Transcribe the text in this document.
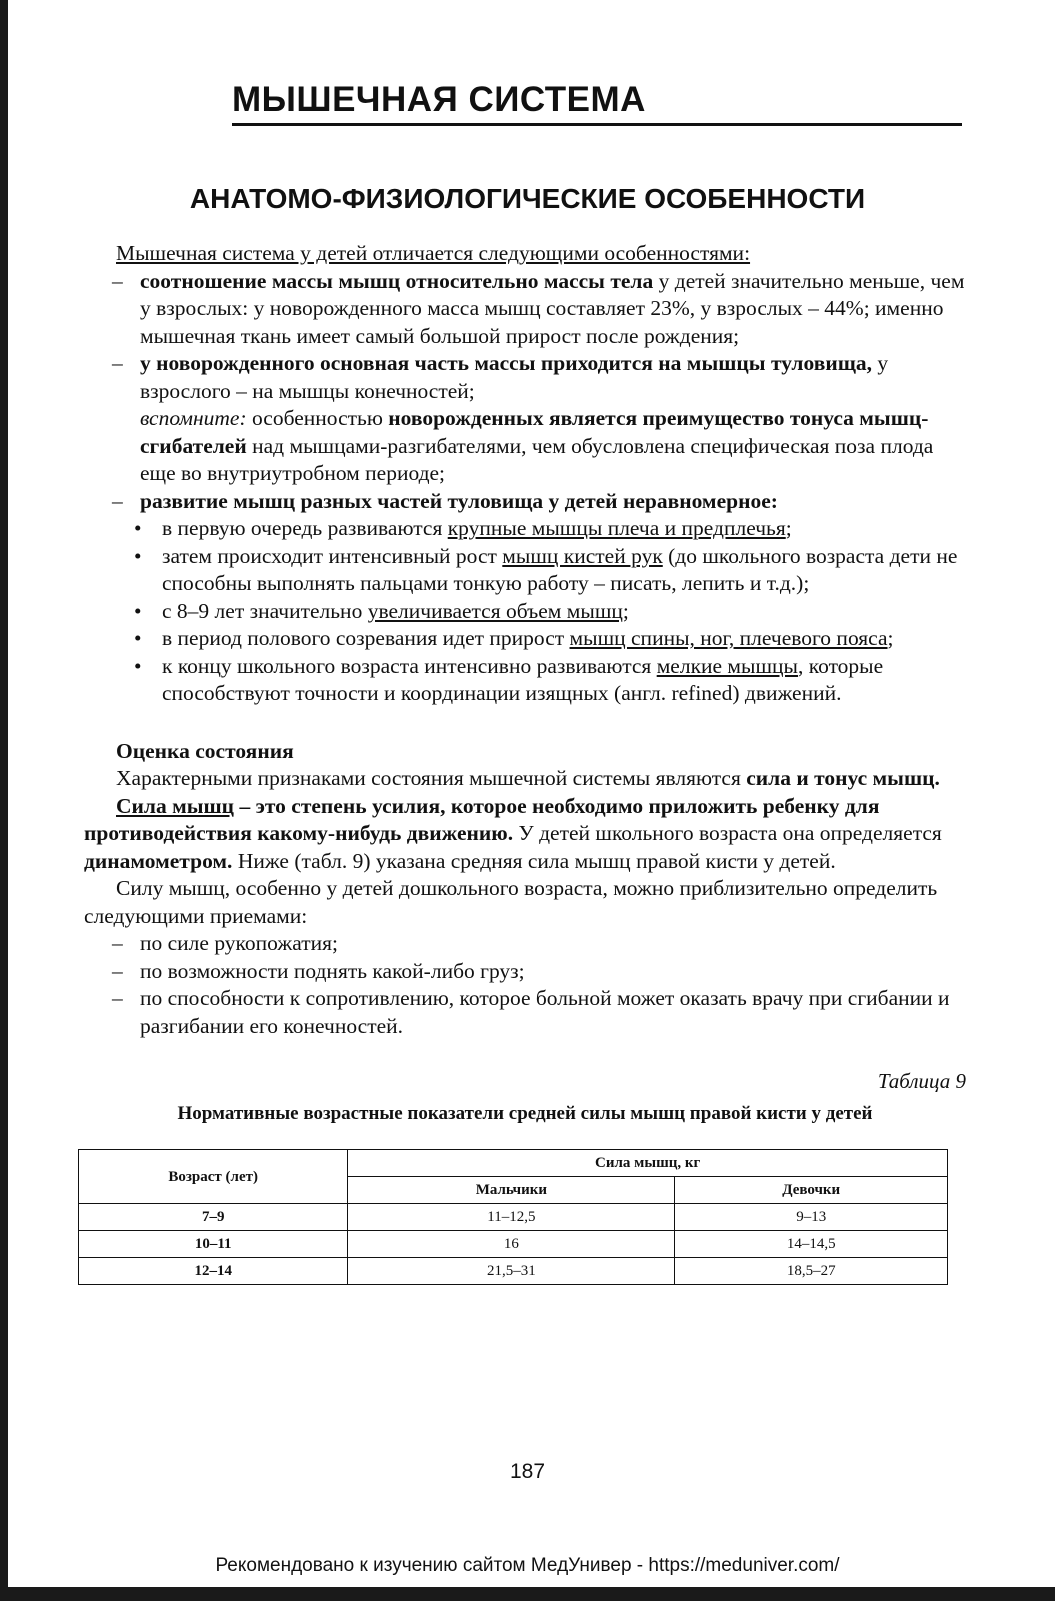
МЫШЕЧНАЯ СИСТЕМА
АНАТОМО-ФИЗИОЛОГИЧЕСКИЕ ОСОБЕННОСТИ

Мышечная система у детей отличается следующими особенностями:

– соотношение массы мышц относительно массы тела у детей значительно меньше, чем у взрослых: у новорожденного масса мышц составляет 23%, у взрослых – 44%; именно мышечная ткань имеет самый большой прирост после рождения;

– у новорожденного основная часть массы приходится на мышцы туловища, у взрослого – на мышцы конечностей;

вспомните: особенностью новорожденных является преимущество тонуса мышц-сгибателей над мышцами-разгибателями, чем обусловлена специфическая поза плода еще во внутриутробном периоде;

– развитие мышц разных частей туловища у детей неравномерное:

• в первую очередь развиваются крупные мышцы плеча и предплечья;

• затем происходит интенсивный рост мышц кистей рук (до школьного возраста дети не способны выполнять пальцами тонкую работу – писать, лепить и т.д.);

• с 8–9 лет значительно увеличивается объем мышц;

• в период полового созревания идет прирост мышц спины, ног, плечевого пояса;

• к концу школьного возраста интенсивно развиваются мелкие мышцы, которые способствуют точности и координации изящных (англ. refined) движений.

Оценка состояния

Характерными признаками состояния мышечной системы являются сила и тонус мышц.

Сила мышц – это степень усилия, которое необходимо приложить ребенку для противодействия какому-нибудь движению. У детей школьного возраста она определяется динамометром. Ниже (табл. 9) указана средняя сила мышц правой кисти у детей.

Силу мышц, особенно у детей дошкольного возраста, можно приблизительно определить следующими приемами:

– по силе рукопожатия;

– по возможности поднять какой-либо груз;

– по способности к сопротивлению, которое больной может оказать врачу при сгибании и разгибании его конечностей.

Таблица 9

Нормативные возрастные показатели средней силы мышц правой кисти у детей

Возраст (лет)	Сила мышц, кг	
	Мальчики	Девочки
7–9	11–12,5	9–13
10–11	16	14–14,5
12–14	21,5–31	18,5–27
187
Рекомендовано к изучению сайтом МедУнивер - https://meduniver.com/
